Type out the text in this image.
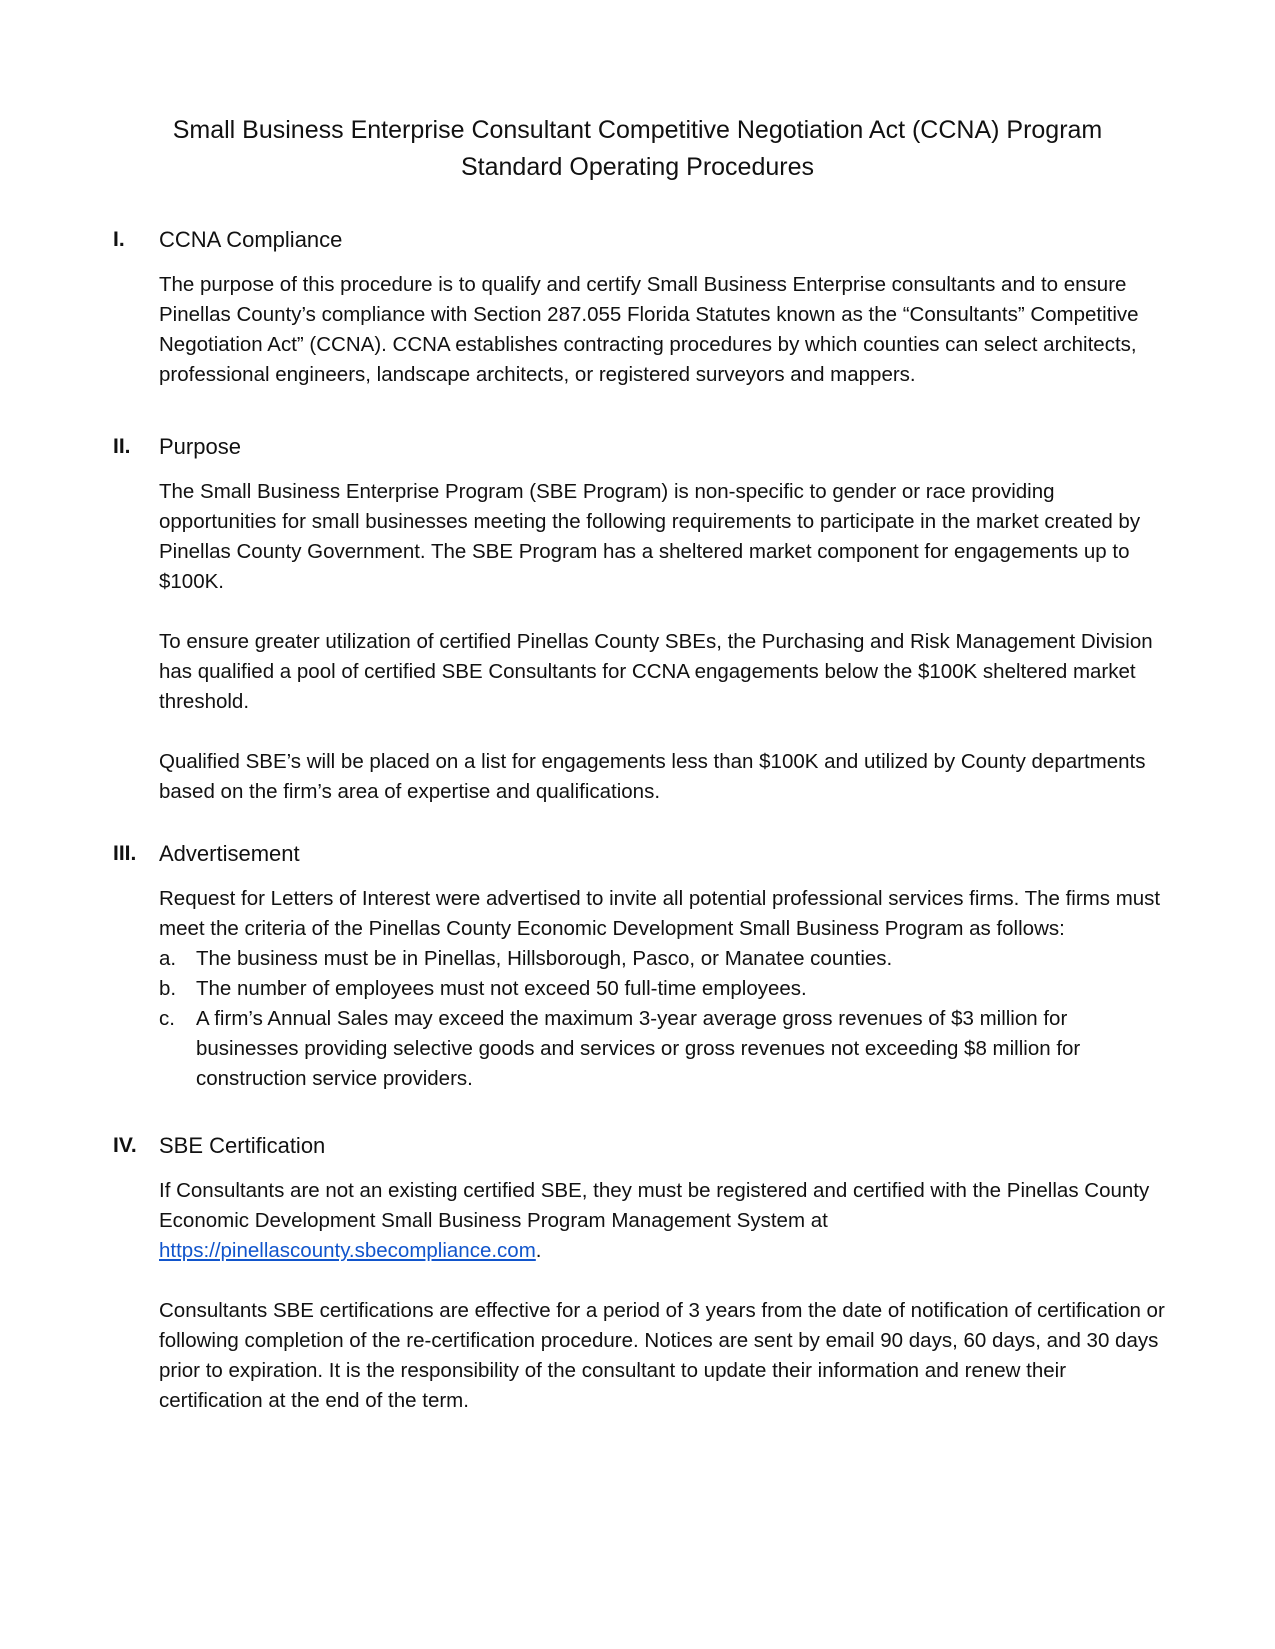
Small Business Enterprise Consultant Competitive Negotiation Act (CCNA) Program
Standard Operating Procedures
I. CCNA Compliance

The purpose of this procedure is to qualify and certify Small Business Enterprise consultants and to ensure Pinellas County’s compliance with Section 287.055 Florida Statutes known as the “Consultants” Competitive Negotiation Act” (CCNA). CCNA establishes contracting procedures by which counties can select architects, professional engineers, landscape architects, or registered surveyors and mappers.

II. Purpose

The Small Business Enterprise Program (SBE Program) is non-specific to gender or race providing opportunities for small businesses meeting the following requirements to participate in the market created by Pinellas County Government. The SBE Program has a sheltered market component for engagements up to $100K.

To ensure greater utilization of certified Pinellas County SBEs, the Purchasing and Risk Management Division has qualified a pool of certified SBE Consultants for CCNA engagements below the $100K sheltered market threshold.

Qualified SBE’s will be placed on a list for engagements less than $100K and utilized by County departments based on the firm’s area of expertise and qualifications.

III. Advertisement

Request for Letters of Interest were advertised to invite all potential professional services firms. The firms must meet the criteria of the Pinellas County Economic Development Small Business Program as follows:

a. The business must be in Pinellas, Hillsborough, Pasco, or Manatee counties.
b. The number of employees must not exceed 50 full-time employees.
c. A firm’s Annual Sales may exceed the maximum 3-year average gross revenues of $3 million for businesses providing selective goods and services or gross revenues not exceeding $8 million for construction service providers.
IV. SBE Certification

If Consultants are not an existing certified SBE, they must be registered and certified with the Pinellas County Economic Development Small Business Program Management System at https://pinellascounty.sbecompliance.com.

Consultants SBE certifications are effective for a period of 3 years from the date of notification of certification or following completion of the re-certification procedure. Notices are sent by email 90 days, 60 days, and 30 days prior to expiration. It is the responsibility of the consultant to update their information and renew their certification at the end of the term.
